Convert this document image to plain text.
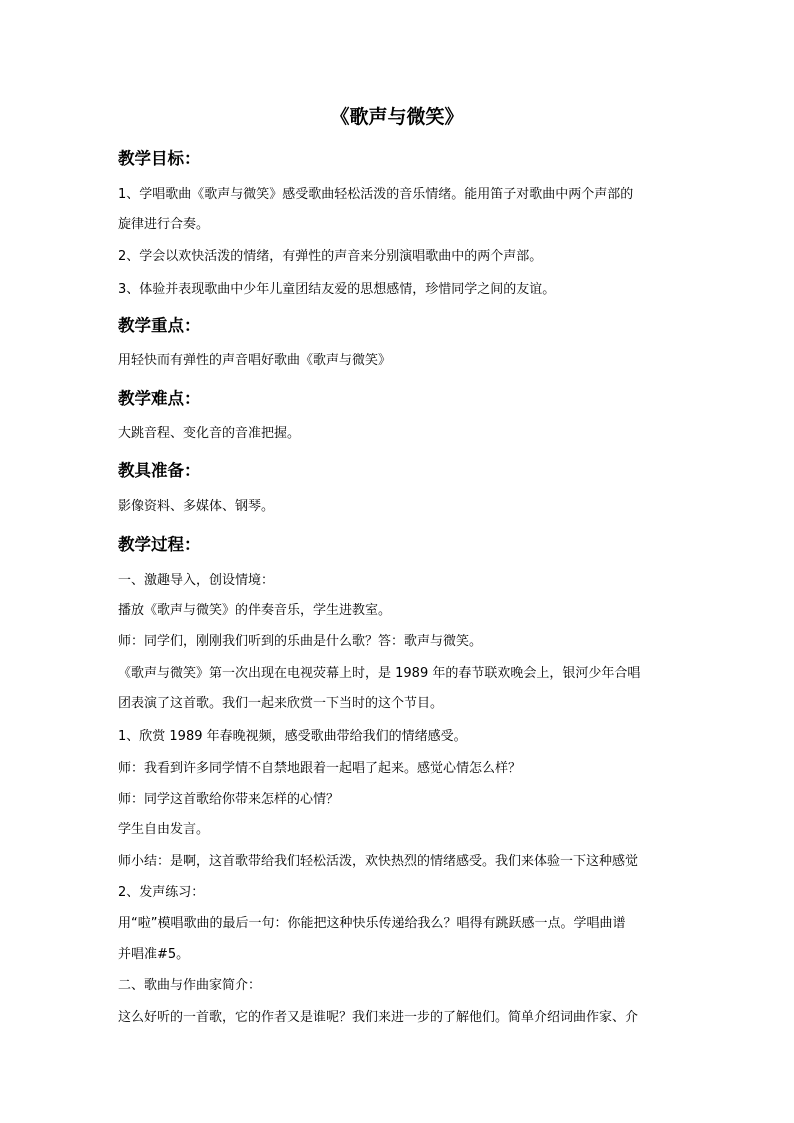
《歌声与微笑》
教学目标：
1、学唱歌曲《歌声与微笑》感受歌曲轻松活泼的音乐情绪。能用笛子对歌曲中两个声部的
旋律进行合奏。
2、学会以欢快活泼的情绪，有弹性的声音来分别演唱歌曲中的两个声部。
3、体验并表现歌曲中少年儿童团结友爱的思想感情，珍惜同学之间的友谊。
教学重点：
用轻快而有弹性的声音唱好歌曲《歌声与微笑》
教学难点：
大跳音程、变化音的音准把握。
教具准备：
影像资料、多媒体、钢琴。
教学过程：
一、激趣导入，创设情境：
播放《歌声与微笑》的伴奏音乐，学生进教室。
师：同学们，刚刚我们听到的乐曲是什么歌？答：歌声与微笑。
《歌声与微笑》第一次出现在电视荧幕上时，是 1989 年的春节联欢晚会上，银河少年合唱
团表演了这首歌。我们一起来欣赏一下当时的这个节目。
1、欣赏 1989 年春晚视频，感受歌曲带给我们的情绪感受。
师：我看到许多同学情不自禁地跟着一起唱了起来。感觉心情怎么样？
师：同学这首歌给你带来怎样的心情？
学生自由发言。
师小结：是啊，这首歌带给我们轻松活泼，欢快热烈的情绪感受。我们来体验一下这种感觉
2、发声练习：
用“啦”模唱歌曲的最后一句：你能把这种快乐传递给我么？唱得有跳跃感一点。学唱曲谱
并唱准#5。
二、歌曲与作曲家简介：
这么好听的一首歌，它的作者又是谁呢？我们来进一步的了解他们。简单介绍词曲作家、介
